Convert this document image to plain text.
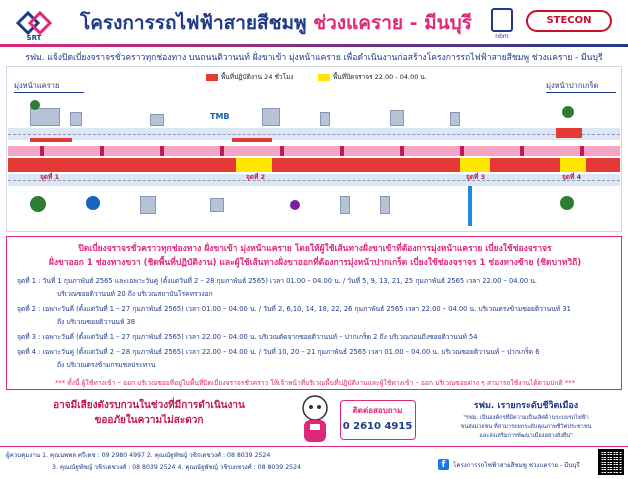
SRT
โครงการรถไฟฟ้าสายสีชมพู ช่วงแคราย - มีนบุรี
nbm
STECON
รฟม. แจ้งปิดเบี่ยงจราจรชั่วคราวทุกช่องทาง บนถนนติวานนท์ ฝั่งขาเข้า มุ่งหน้าแคราย เพื่อดำเนินงานก่อสร้างโครงการรถไฟฟ้าสายสีชมพู ช่วงแคราย - มีนบุรี
พื้นที่ปฏิบัติงาน 24 ชั่วโมง	พื้นที่ปิดจราจร 22.00 - 04.00 น.
มุ่งหน้าแคราย	มุ่งหน้าปากเกร็ด
TMB
จุดที่ 1	จุดที่ 2	จุดที่ 3	จุดที่ 4
ปิดเบี่ยงจราจรชั่วคราวทุกช่องทาง ฝั่งขาเข้า มุ่งหน้าแคราย โดยให้ผู้ใช้เส้นทางฝั่งขาเข้าที่ต้องการมุ่งหน้าแคราย เบี่ยงใช้ช่องจราจร
ฝั่งขาออก 1 ช่องทางขวา (ชิดพื้นที่ปฏิบัติงาน) และผู้ใช้เส้นทางฝั่งขาออกที่ต้องการมุ่งหน้าปากเกร็ด เบี่ยงใช้ช่องจราจร 1 ช่องทางซ้าย (ชิดบาทวิถี)
จุดที่ 1 : วันที่ 1 กุมภาพันธ์ 2565 และเฉพาะวันคู่ (ตั้งแต่วันที่ 2 – 28 กุมภาพันธ์ 2565) เวลา 01.00 – 04.00 น. / วันที่ 5, 9, 13, 21, 25 กุมภาพันธ์ 2565 เวลา 22.00 – 04.00 น.
บริเวณซอยติวานนท์ 20 ถึง บริเวณสถาบันโรคทรวงอก
จุดที่ 2 : เฉพาะวันคี่ (ตั้งแต่วันที่ 1 – 27 กุมภาพันธ์ 2565) เวลา 01.00 – 04.00 น. / วันที่ 2, 6,10, 14, 18, 22, 26 กุมภาพันธ์ 2565 เวลา 22.00 – 04.00 น. บริเวณตรงข้ามซอยติวานนท์ 31
ถึง บริเวณซอยติวานนท์ 38
จุดที่ 3 : เฉพาะวันคี่ (ตั้งแต่วันที่ 1 – 27 กุมภาพันธ์ 2565) เวลา 22.00 – 04.00 น. บริเวณตัดจากซอยติวานนท์ – ปากเกร็ด 2 ถึง บริเวณก่อนถึงซอยติวานนท์ 54
จุดที่ 4 : เฉพาะวันคู่ (ตั้งแต่วันที่ 2 – 28 กุมภาพันธ์ 2565) เวลา 22.00 – 04.00 น. / วันที่ 10, 20 – 21 กุมภาพันธ์ 2565 เวลา 01.00 – 04.00 น. บริเวณซอยติวานนท์ – ปากเกร็ด 6
ถึง บริเวณตรงข้ามกรมชลประทาน
*** ทั้งนี้ ผู้ใช้ทางเข้า – ออก บริเวณซอยที่อยู่ในพื้นที่ปิดเบี่ยงจราจรชั่วคราว ให้เจ้าหน้าที่บริเวณพื้นที่ปฏิบัติงานและผู้ใช้ทางเข้า – ออก บริเวณซอยต่าง ๆ สามารถใช้งานได้ตามปกติ ***
อาจมีเสียงดังรบกวนในช่วงที่มีการดำเนินงาน
ขออภัยในความไม่สะดวก
ติดต่อสอบถาม
0 2610 4915
รฟม. เรายกระดับชีวิตเมือง
"รฟม. เป็นองค์กรที่มีความเป็นเลิศด้านระบบรถไฟฟ้า
ขนส่งมวลชน ที่สามารถยกระดับคุณภาพชีวิตประชาชน
และส่งเสริมการพัฒนาเมืองอย่างยั่งยืน"
ผู้ควบคุมงาน 1. คุณนพพล ศรีเดช : 09 2980 4997 2. คุณณัฐพัชญ์ วชิรเดชวงศ์ : 08 8039 2524
3. คุณณัฐพัชญ์ วชิรเดชวงศ์ : 08 8039 2524 4. คุณณัฐพัชญ์ วชิรเดชวงศ์ : 08 8039 2524	f	โครงการรถไฟฟ้าสายสีชมพู ช่วงแคราย - มีนบุรี
